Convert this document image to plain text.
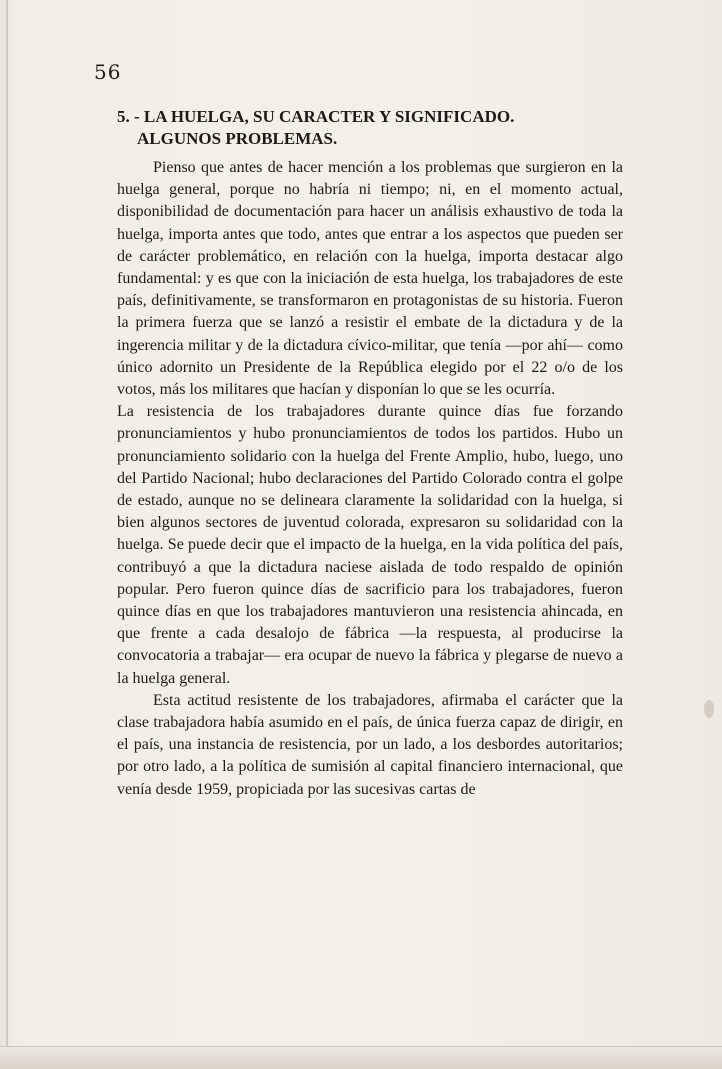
56
5. - LA HUELGA, SU CARACTER Y SIGNIFICADO.
ALGUNOS PROBLEMAS.

Pienso que antes de hacer mención a los problemas que surgieron en la huelga general, porque no habría ni tiempo; ni, en el momento actual, disponibilidad de documentación para hacer un análisis exhaustivo de toda la huelga, importa antes que todo, antes que entrar a los aspectos que pueden ser de carácter problemático, en relación con la huelga, importa destacar algo fundamental: y es que con la iniciación de esta huelga, los trabajadores de este país, definitivamente, se transformaron en protagonistas de su historia. Fueron la primera fuerza que se lanzó a resistir el embate de la dictadura y de la ingerencia militar y de la dictadura cívico-militar, que tenía —por ahí— como único adornito un Presidente de la República elegido por el 22 o/o de los votos, más los militares que hacían y disponían lo que se les ocurría.

La resistencia de los trabajadores durante quince días fue forzando pronunciamientos y hubo pronunciamientos de todos los partidos. Hubo un pronunciamiento solidario con la huelga del Frente Amplio, hubo, luego, uno del Partido Nacional; hubo declaraciones del Partido Colorado contra el golpe de estado, aunque no se delineara claramente la solidaridad con la huelga, si bien algunos sectores de juventud colorada, expresaron su solidaridad con la huelga. Se puede decir que el impacto de la huelga, en la vida política del país, contribuyó a que la dictadura naciese aislada de todo respaldo de opinión popular. Pero fueron quince días de sacrificio para los trabajadores, fueron quince días en que los trabajadores mantuvieron una resistencia ahincada, en que frente a cada desalojo de fábrica —la respuesta, al producirse la convocatoria a trabajar— era ocupar de nuevo la fábrica y plegarse de nuevo a la huelga general.

Esta actitud resistente de los trabajadores, afirmaba el carácter que la clase trabajadora había asumido en el país, de única fuerza capaz de dirigir, en el país, una instancia de resistencia, por un lado, a los desbordes autoritarios; por otro lado, a la política de sumisión al capital financiero internacional, que venía desde 1959, propiciada por las sucesivas cartas de
